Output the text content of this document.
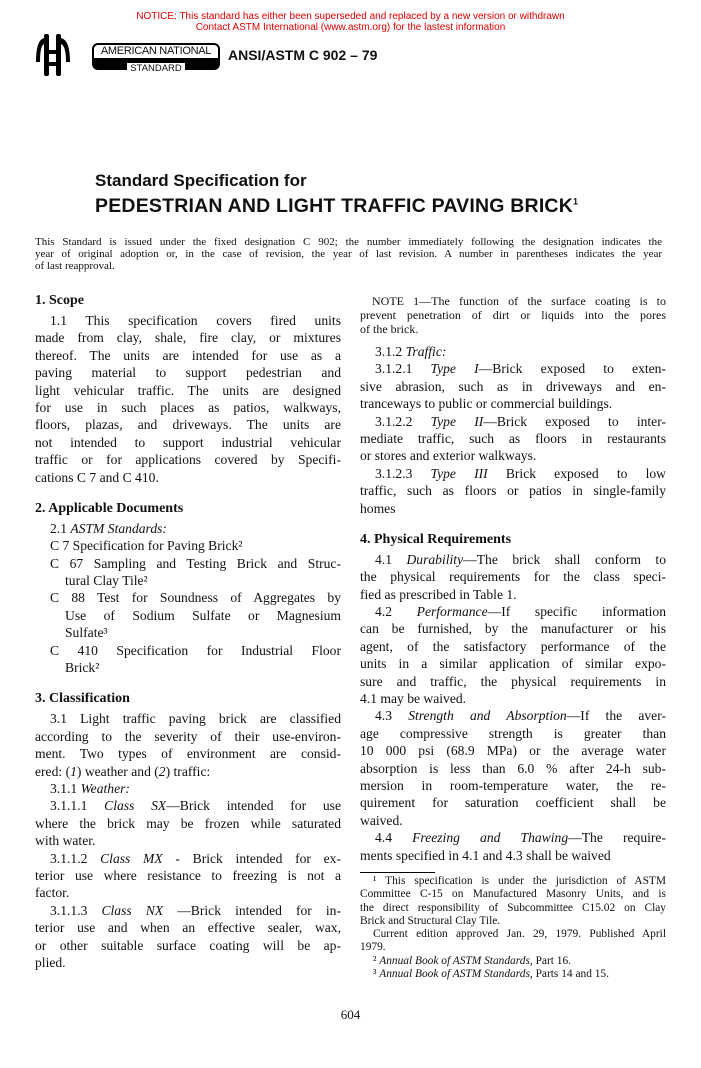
NOTICE: This standard has either been superseded and replaced by a new version or withdrawn
Contact ASTM International (www.astm.org) for the lastest information
AMERICAN NATIONAL
STANDARD
ANSI/ASTM C 902 – 79
Standard Specification for
PEDESTRIAN AND LIGHT TRAFFIC PAVING BRICK$^1$
This Standard is issued under the fixed designation C 902; the number immediately following the designation indicates the
year of original adoption or, in the case of revision, the year of last revision. A number in parentheses indicates the year
of last reapproval.
1. Scope
1.1 This specification covers fired units
made from clay, shale, fire clay, or mixtures
thereof. The units are intended for use as a
paving material to support pedestrian and
light vehicular traffic. The units are designed
for use in such places as patios, walkways,
floors, plazas, and driveways. The units are
not intended to support industrial vehicular
traffic or for applications covered by Specifi-
cations C 7 and C 410.
2. Applicable Documents
2.1 ASTM Standards:
C 7 Specification for Paving Brick²
C 67 Sampling and Testing Brick and Struc-
tural Clay Tile²
C 88 Test for Soundness of Aggregates by
Use of Sodium Sulfate or Magnesium
Sulfate³
C 410 Specification for Industrial Floor
Brick²
3. Classification
3.1 Light traffic paving brick are classified
according to the severity of their use-environ-
ment. Two types of environment are consid-
ered: (1) weather and (2) traffic:
3.1.1 Weather:
3.1.1.1 Class SX—Brick intended for use
where the brick may be frozen while saturated
with water.
3.1.1.2 Class MX - Brick intended for ex-
terior use where resistance to freezing is not a
factor.
3.1.1.3 Class NX —Brick intended for in-
terior use and when an effective sealer, wax,
or other suitable surface coating will be ap-
plied.
NOTE 1—The function of the surface coating is to
prevent penetration of dirt or liquids into the pores
of the brick.
3.1.2 Traffic:
3.1.2.1 Type I—Brick exposed to exten-
sive abrasion, such as in driveways and en-
tranceways to public or commercial buildings.
3.1.2.2 Type II—Brick exposed to inter-
mediate traffic, such as floors in restaurants
or stores and exterior walkways.
3.1.2.3 Type III Brick exposed to low
traffic, such as floors or patios in single-family
homes
4. Physical Requirements
4.1 Durability—The brick shall conform to
the physical requirements for the class speci-
fied as prescribed in Table 1.
4.2 Performance—If specific information
can be furnished, by the manufacturer or his
agent, of the satisfactory performance of the
units in a similar application of similar expo-
sure and traffic, the physical requirements in
4.1 may be waived.
4.3 Strength and Absorption—If the aver-
age compressive strength is greater than
10 000 psi (68.9 MPa) or the average water
absorption is less than 6.0 % after 24-h sub-
mersion in room-temperature water, the re-
quirement for saturation coefficient shall be
waived.
4.4 Freezing and Thawing—The require-
ments specified in 4.1 and 4.3 shall be waived
¹ This specification is under the jurisdiction of ASTM
Committee C-15 on Manufactured Masonry Units, and is
the direct responsibility of Subcommittee C15.02 on Clay
Brick and Structural Clay Tile.
Current edition approved Jan. 29, 1979. Published April
1979.
² Annual Book of ASTM Standards, Part 16.
³ Annual Book of ASTM Standards, Parts 14 and 15.
604
